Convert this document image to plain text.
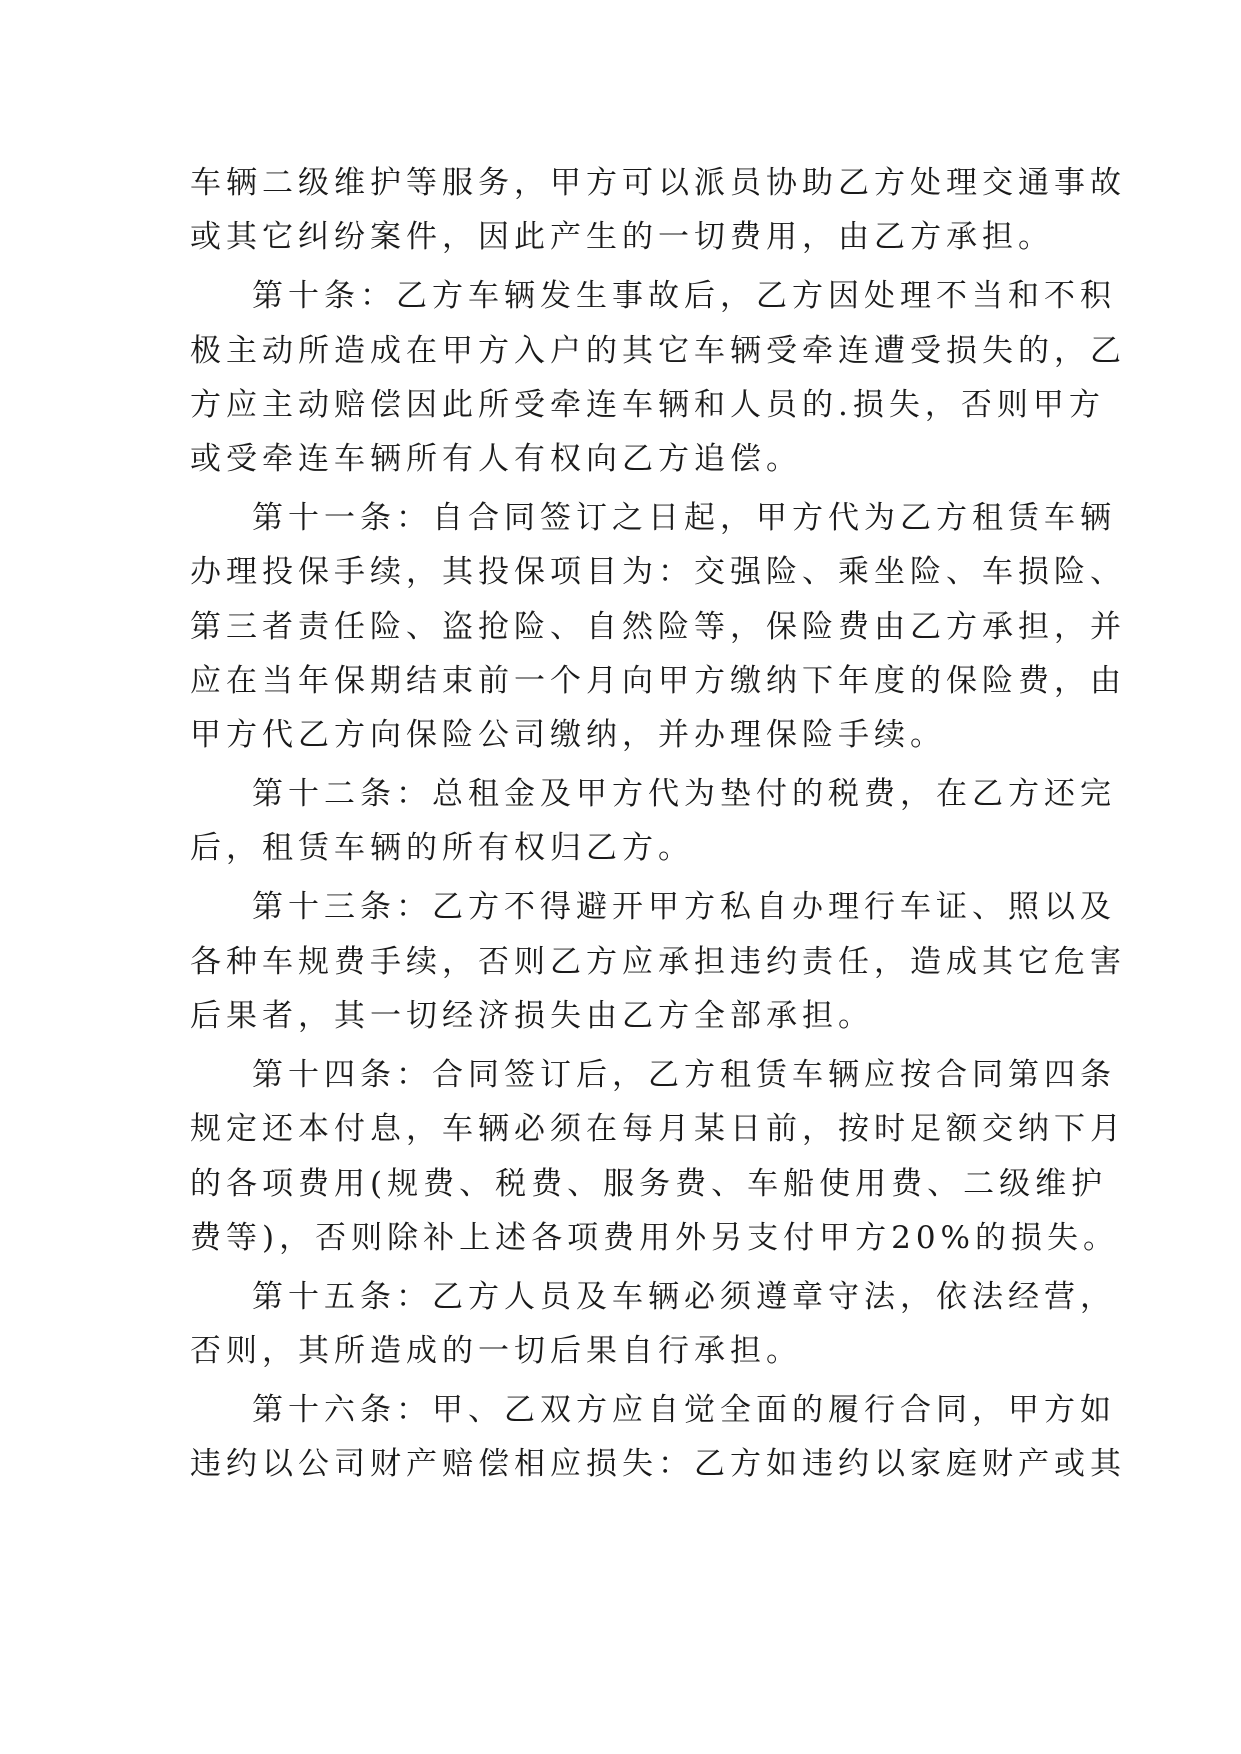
车辆二级维护等服务，甲方可以派员协助乙方处理交通事故
或其它纠纷案件，因此产生的一切费用，由乙方承担。
第十条：乙方车辆发生事故后，乙方因处理不当和不积
极主动所造成在甲方入户的其它车辆受牵连遭受损失的，乙
方应主动赔偿因此所受牵连车辆和人员的.损失，否则甲方
或受牵连车辆所有人有权向乙方追偿。
第十一条：自合同签订之日起，甲方代为乙方租赁车辆
办理投保手续，其投保项目为：交强险、乘坐险、车损险、
第三者责任险、盗抢险、自然险等，保险费由乙方承担，并
应在当年保期结束前一个月向甲方缴纳下年度的保险费，由
甲方代乙方向保险公司缴纳，并办理保险手续。
第十二条：总租金及甲方代为垫付的税费，在乙方还完
后，租赁车辆的所有权归乙方。
第十三条：乙方不得避开甲方私自办理行车证、照以及
各种车规费手续，否则乙方应承担违约责任，造成其它危害
后果者，其一切经济损失由乙方全部承担。
第十四条：合同签订后，乙方租赁车辆应按合同第四条
规定还本付息，车辆必须在每月某日前，按时足额交纳下月
的各项费用(规费、税费、服务费、车船使用费、二级维护
费等)，否则除补上述各项费用外另支付甲方20%的损失。
第十五条：乙方人员及车辆必须遵章守法，依法经营，
否则，其所造成的一切后果自行承担。
第十六条：甲、乙双方应自觉全面的履行合同，甲方如
违约以公司财产赔偿相应损失：乙方如违约以家庭财产或其
